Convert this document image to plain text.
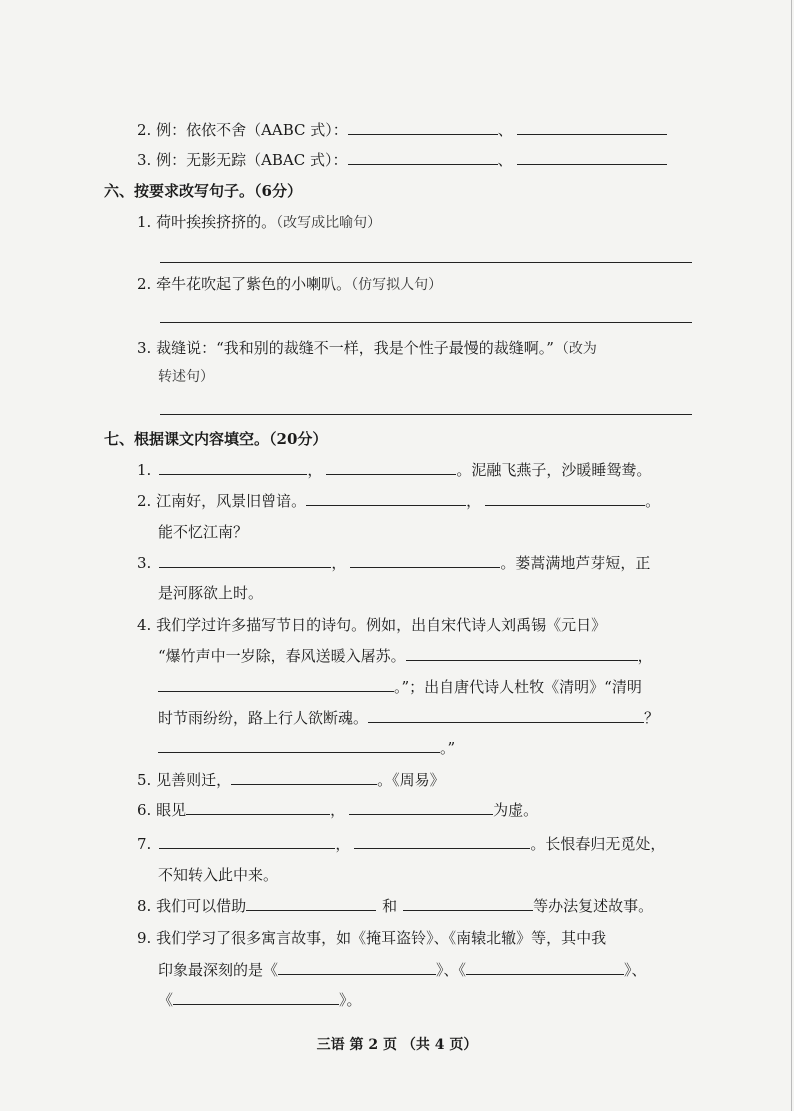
2. 例：依依不舍（AABC 式）：	、
3. 例：无影无踪（ABAC 式）：	、
六、按要求改写句子。（6分）
1. 荷叶挨挨挤挤的。（改写成比喻句）
2. 牵牛花吹起了紫色的小喇叭。（仿写拟人句）
3. 裁缝说：“我和别的裁缝不一样，我是个性子最慢的裁缝啊。” （改为
转述句）
七、根据课文内容填空。（20分）
1.	，	。泥融飞燕子，沙暖睡鸳鸯。
2. 江南好，风景旧曾谙。	，	。
能不忆江南？
3.	，	。蒌蒿满地芦芽短，正
是河豚欲上时。
4. 我们学过许多描写节日的诗句。例如，出自宋代诗人刘禹锡《元日》
“爆竹声中一岁除，春风送暖入屠苏。	，
。”；出自唐代诗人杜牧《清明》“清明
时节雨纷纷，路上行人欲断魂。	？
。”
5. 见善则迁，	。《周易》
6. 眼见	，	为虚。
7.	，	。长恨春归无觅处，
不知转入此中来。
8. 我们可以借助	和	等办法复述故事。
9. 我们学习了很多寓言故事，如《掩耳盗铃》、《南辕北辙》等，其中我
印象最深刻的是《	》、《	》、
《	》。
三语 第 2 页 （共 4 页）
